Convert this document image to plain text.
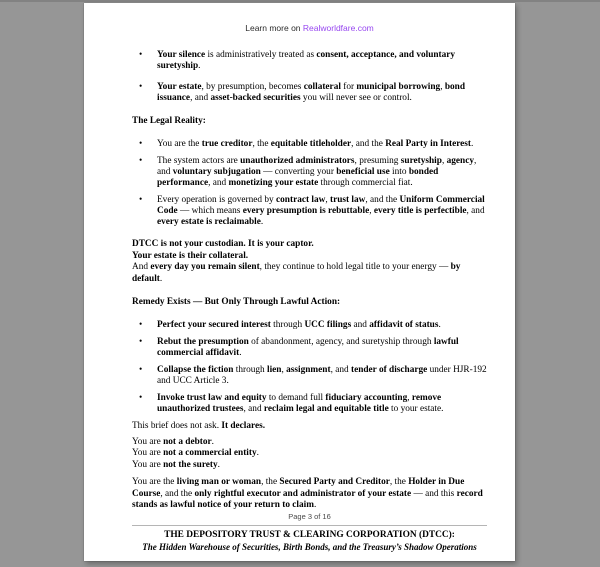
Learn more on Realworldfare.com
• Your silence is administratively treated as consent, acceptance, and voluntary suretyship.
• Your estate, by presumption, becomes collateral for municipal borrowing, bond issuance, and asset-backed securities you will never see or control.
The Legal Reality:
• You are the true creditor, the equitable titleholder, and the Real Party in Interest.
• The system actors are unauthorized administrators, presuming suretyship, agency, and voluntary subjugation — converting your beneficial use into bonded performance, and monetizing your estate through commercial fiat.
• Every operation is governed by contract law, trust law, and the Uniform Commercial Code — which means every presumption is rebuttable, every title is perfectible, and every estate is reclaimable.
DTCC is not your custodian. It is your captor.
Your estate is their collateral.
And every day you remain silent, they continue to hold legal title to your energy — by default.
Remedy Exists — But Only Through Lawful Action:
• Perfect your secured interest through UCC filings and affidavit of status.
• Rebut the presumption of abandonment, agency, and suretyship through lawful commercial affidavit.
• Collapse the fiction through lien, assignment, and tender of discharge under HJR-192 and UCC Article 3.
• Invoke trust law and equity to demand full fiduciary accounting, remove unauthorized trustees, and reclaim legal and equitable title to your estate.
This brief does not ask. It declares.
You are not a debtor.
You are not a commercial entity.
You are not the surety.
You are the living man or woman, the Secured Party and Creditor, the Holder in Due Course, and the only rightful executor and administrator of your estate — and this record stands as lawful notice of your return to claim.
Page 3 of 16
THE DEPOSITORY TRUST & CLEARING CORPORATION (DTCC):
The Hidden Warehouse of Securities, Birth Bonds, and the Treasury’s Shadow Operations
